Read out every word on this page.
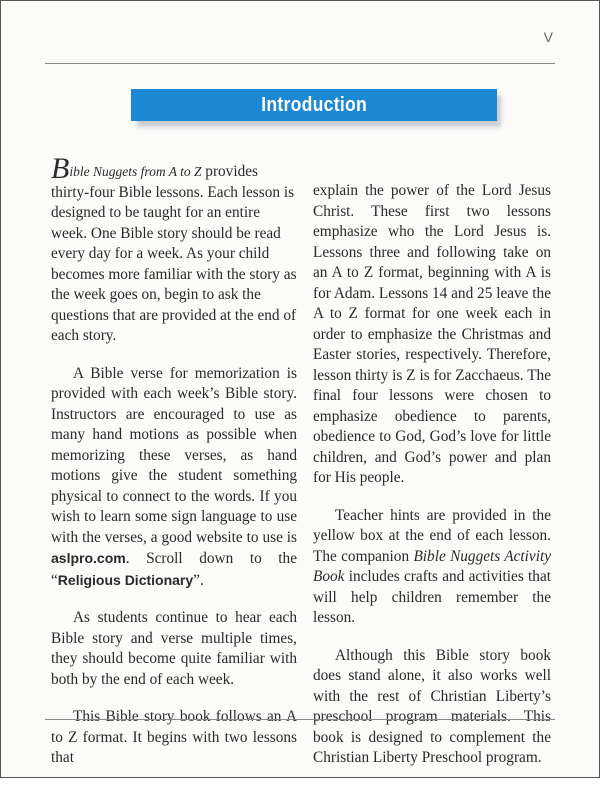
V
Introduction

Bible Nuggets from A to Z provides thirty-four Bible lessons. Each lesson is designed to be taught for an entire week. One Bible story should be read every day for a week. As your child becomes more familiar with the story as the week goes on, begin to ask the questions that are provided at the end of each story.

A Bible verse for memorization is provided with each week’s Bible story. Instructors are encouraged to use as many hand motions as possible when memorizing these verses, as hand motions give the student something physical to connect to the words. If you wish to learn some sign language to use with the verses, a good website to use is aslpro.com. Scroll down to the “Religious Dictionary”.

As students continue to hear each Bible story and verse multiple times, they should become quite familiar with both by the end of each week.

This Bible story book follows an A to Z format. It begins with two lessons that

explain the power of the Lord Jesus Christ. These first two lessons emphasize who the Lord Jesus is. Lessons three and following take on an A to Z format, beginning with A is for Adam. Lessons 14 and 25 leave the A to Z format for one week each in order to emphasize the Christmas and Easter stories, respectively. Therefore, lesson thirty is Z is for Zacchaeus. The final four lessons were chosen to emphasize obedience to parents, obedience to God, God’s love for little children, and God’s power and plan for His people.

Teacher hints are provided in the yellow box at the end of each lesson. The companion Bible Nuggets Activity Book includes crafts and activities that will help children remember the lesson.

Although this Bible story book does stand alone, it also works well with the rest of Christian Liberty’s preschool program materials. This book is designed to complement the Christian Liberty Preschool program.
